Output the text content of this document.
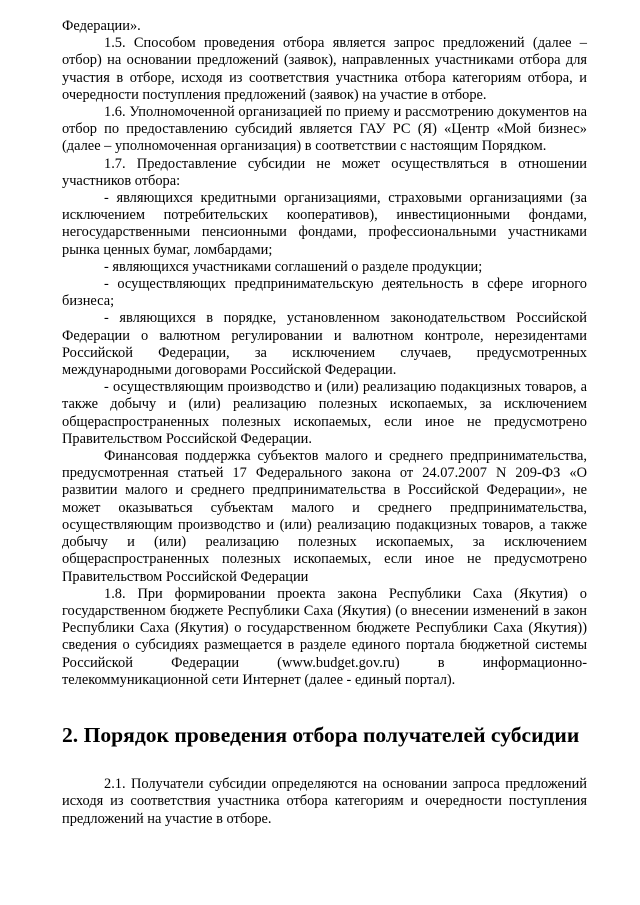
Федерации».

1.5. Способом проведения отбора является запрос предложений (далее – отбор) на основании предложений (заявок), направленных участниками отбора для участия в отборе, исходя из соответствия участника отбора категориям отбора, и очередности поступления предложений (заявок) на участие в отборе.

1.6. Уполномоченной организацией по приему и рассмотрению документов на отбор по предоставлению субсидий является ГАУ РС (Я) «Центр «Мой бизнес» (далее – уполномоченная организация) в соответствии с настоящим Порядком.

1.7. Предоставление субсидии не может осуществляться в отношении участников отбора:

- являющихся кредитными организациями, страховыми организациями (за исключением потребительских кооперативов), инвестиционными фондами, негосударственными пенсионными фондами, профессиональными участниками рынка ценных бумаг, ломбардами;

- являющихся участниками соглашений о разделе продукции;

- осуществляющих предпринимательскую деятельность в сфере игорного бизнеса;

- являющихся в порядке, установленном законодательством Российской Федерации о валютном регулировании и валютном контроле, нерезидентами Российской Федерации, за исключением случаев, предусмотренных международными договорами Российской Федерации.

- осуществляющим производство и (или) реализацию подакцизных товаров, а также добычу и (или) реализацию полезных ископаемых, за исключением общераспространенных полезных ископаемых, если иное не предусмотрено Правительством Российской Федерации.

Финансовая поддержка субъектов малого и среднего предпринимательства, предусмотренная статьей 17 Федерального закона от 24.07.2007 N 209-ФЗ «О развитии малого и среднего предпринимательства в Российской Федерации», не может оказываться субъектам малого и среднего предпринимательства, осуществляющим производство и (или) реализацию подакцизных товаров, а также добычу и (или) реализацию полезных ископаемых, за исключением общераспространенных полезных ископаемых, если иное не предусмотрено Правительством Российской Федерации

1.8. При формировании проекта закона Республики Саха (Якутия) о государственном бюджете Республики Саха (Якутия) (о внесении изменений в закон Республики Саха (Якутия) о государственном бюджете Республики Саха (Якутия)) сведения о субсидиях размещается в разделе единого портала бюджетной системы Российской Федерации (www.budget.gov.ru) в информационно-телекоммуникационной сети Интернет (далее - единый портал).

2. Порядок проведения отбора получателей субсидии

2.1. Получатели субсидии определяются на основании запроса предложений исходя из соответствия участника отбора категориям и очередности поступления предложений на участие в отборе.
